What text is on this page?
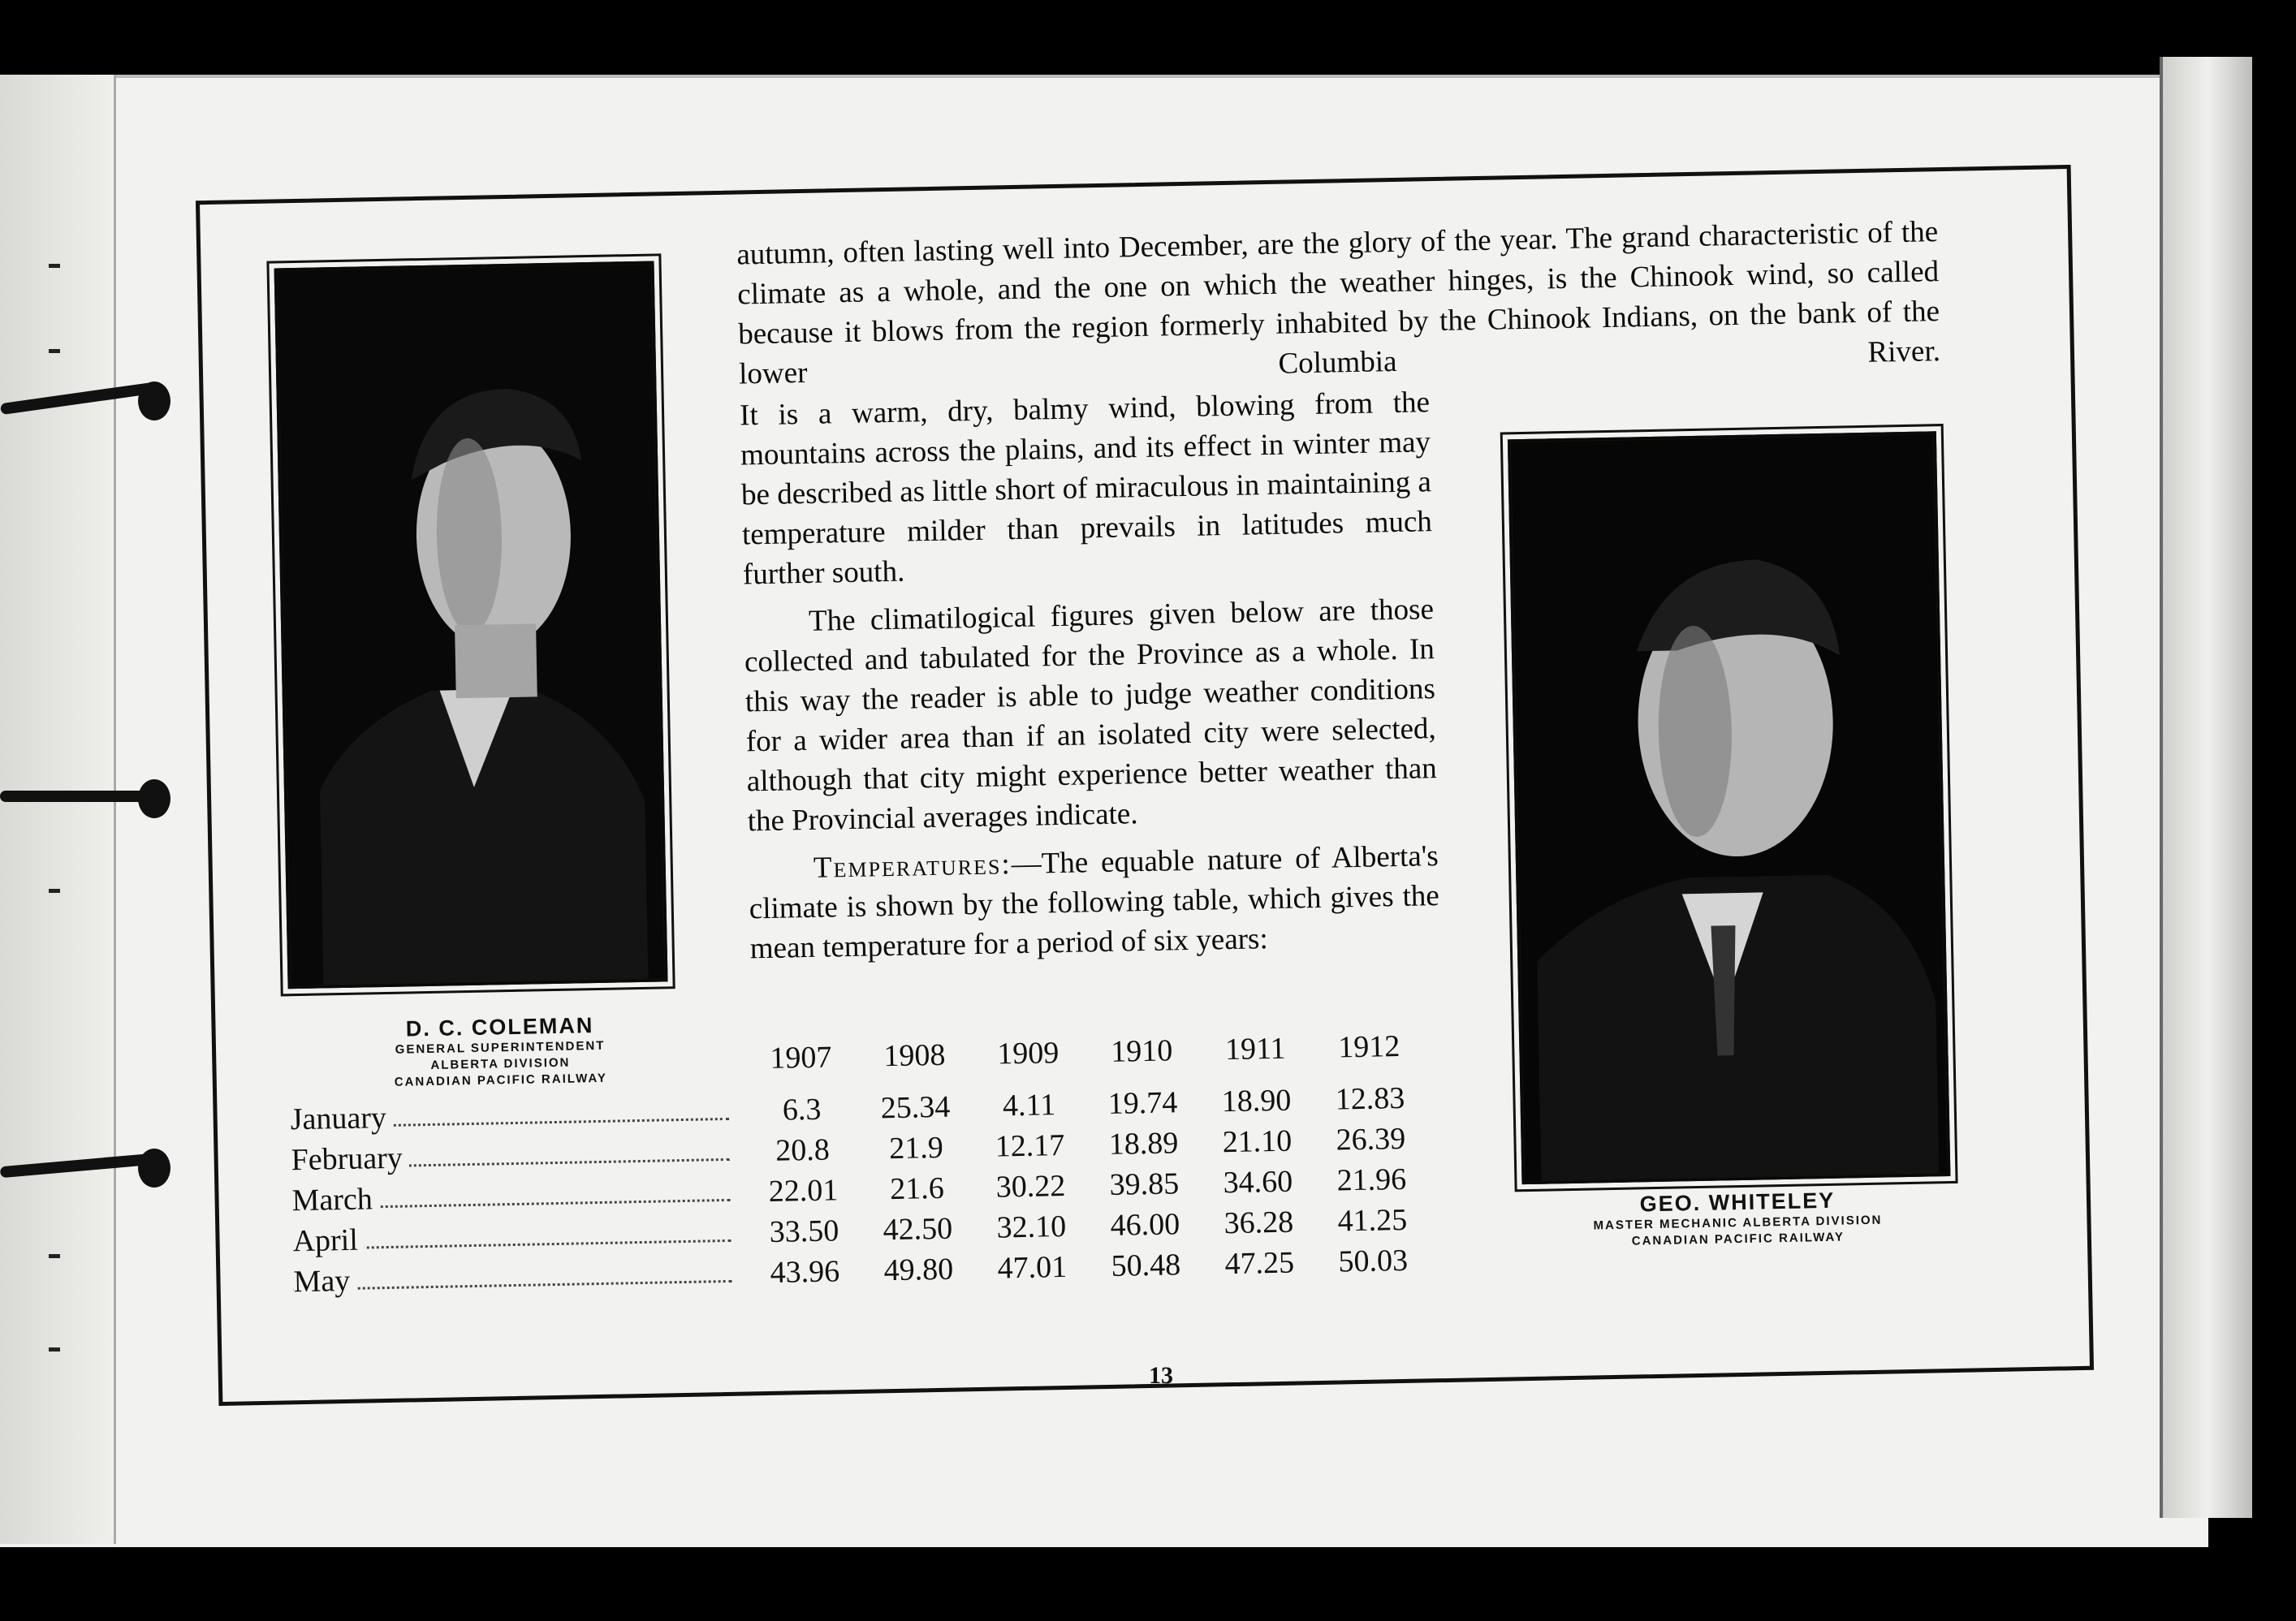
D. C. COLEMAN
GENERAL SUPERINTENDENT
ALBERTA DIVISION
CANADIAN PACIFIC RAILWAY
GEO. WHITELEY
MASTER MECHANIC ALBERTA DIVISION
CANADIAN PACIFIC RAILWAY
autumn, often lasting well into December, are the glory of the year. The grand characteristic of the climate as a whole, and the one on which the weather hinges, is the Chinook wind, so called because it blows from the region formerly inhabited by the Chinook Indians, on the bank of the lower Columbia River.

It is a warm, dry, balmy wind, blowing from the mountains across the plains, and its effect in winter may be described as little short of miraculous in maintaining a temperature milder than prevails in latitudes much further south.

The climatilogical figures given below are those collected and tabulated for the Province as a whole. In this way the reader is able to judge weather conditions for a wider area than if an isolated city were selected, although that city might experience better weather than the Provincial averages indicate.

Temperatures:—The equable nature of Alberta's climate is shown by the following table, which gives the mean temperature for a period of six years:

	1907	1908	1909	1910	1911	1912
January	6.3	25.34	4.11	19.74	18.90	12.83
February	20.8	21.9	12.17	18.89	21.10	26.39
March	22.01	21.6	30.22	39.85	34.60	21.96
April	33.50	42.50	32.10	46.00	36.28	41.25
May	43.96	49.80	47.01	50.48	47.25	50.03
13
